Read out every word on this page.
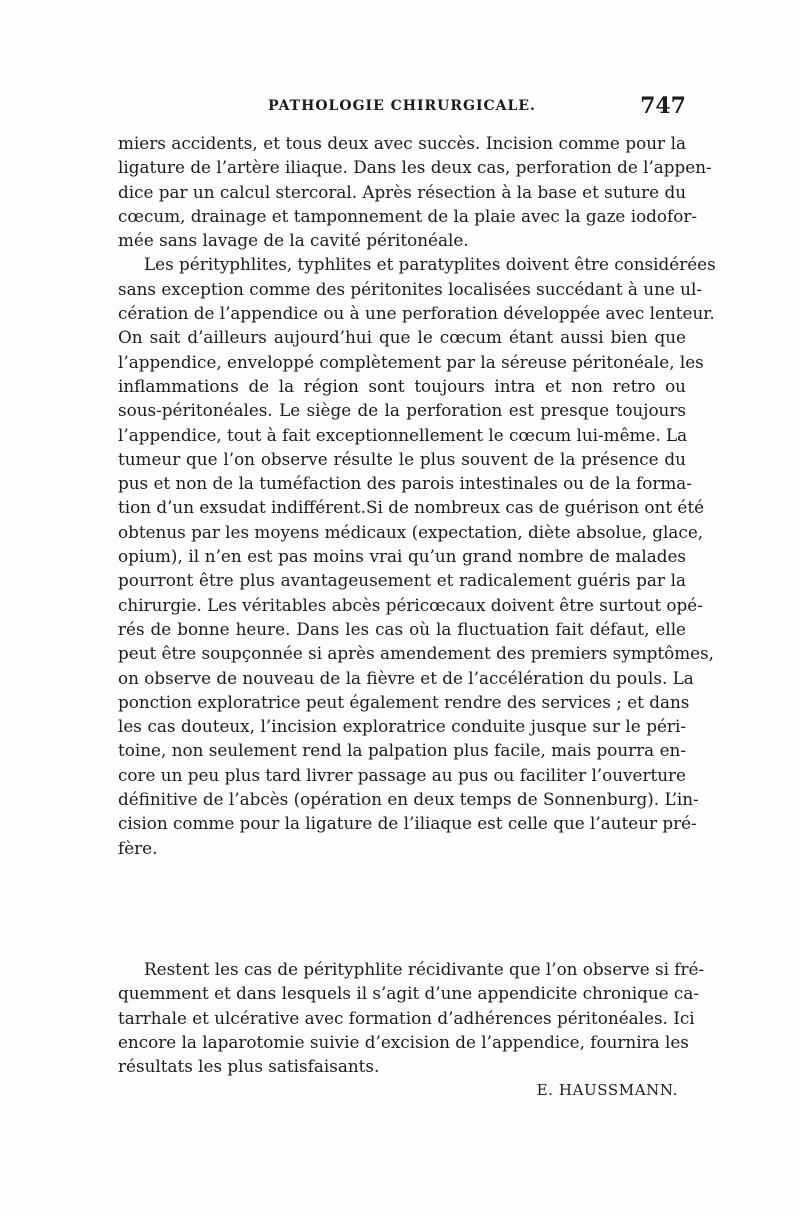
PATHOLOGIE CHIRURGICALE.	747
miers accidents, et tous deux avec succès. Incision comme pour la
ligature de l’artère iliaque. Dans les deux cas, perforation de l’appen-
dice par un calcul stercoral. Après résection à la base et suture du
cœcum, drainage et tamponnement de la plaie avec la gaze iodofor-
mée sans lavage de la cavité péritonéale.
Les pérityphlites, typhlites et paratyplites doivent être considérées
sans exception comme des péritonites localisées succédant à une ul-
cération de l’appendice ou à une perforation développée avec lenteur.
On sait d’ailleurs aujourd’hui que le cœcum étant aussi bien que
l’appendice, enveloppé complètement par la séreuse péritonéale, les
inflammations de la région sont toujours intra et non retro ou
sous-péritonéales. Le siège de la perforation est presque toujours
l’appendice, tout à fait exceptionnellement le cœcum lui-même. La
tumeur que l’on observe résulte le plus souvent de la présence du
pus et non de la tuméfaction des parois intestinales ou de la forma-
tion d’un exsudat indifférent.Si de nombreux cas de guérison ont été
obtenus par les moyens médicaux (expectation, diète absolue, glace,
opium), il n’en est pas moins vrai qu’un grand nombre de malades
pourront être plus avantageusement et radicalement guéris par la
chirurgie. Les véritables abcès péricœcaux doivent être surtout opé-
rés de bonne heure. Dans les cas où la fluctuation fait défaut, elle
peut être soupçonnée si après amendement des premiers symptômes,
on observe de nouveau de la fièvre et de l’accélération du pouls. La
ponction exploratrice peut également rendre des services ; et dans
les cas douteux, l’incision exploratrice conduite jusque sur le péri-
toine, non seulement rend la palpation plus facile, mais pourra en-
core un peu plus tard livrer passage au pus ou faciliter l’ouverture
définitive de l’abcès (opération en deux temps de Sonnenburg). L’in-
cision comme pour la ligature de l’iliaque est celle que l’auteur pré-
fère.
Restent les cas de pérityphlite récidivante que l’on observe si fré-
quemment et dans lesquels il s’agit d’une appendicite chronique ca-
tarrhale et ulcérative avec formation d’adhérences péritonéales. Ici
encore la laparotomie suivie d’excision de l’appendice, fournira les
résultats les plus satisfaisants.
E. HAUSSMANN.
